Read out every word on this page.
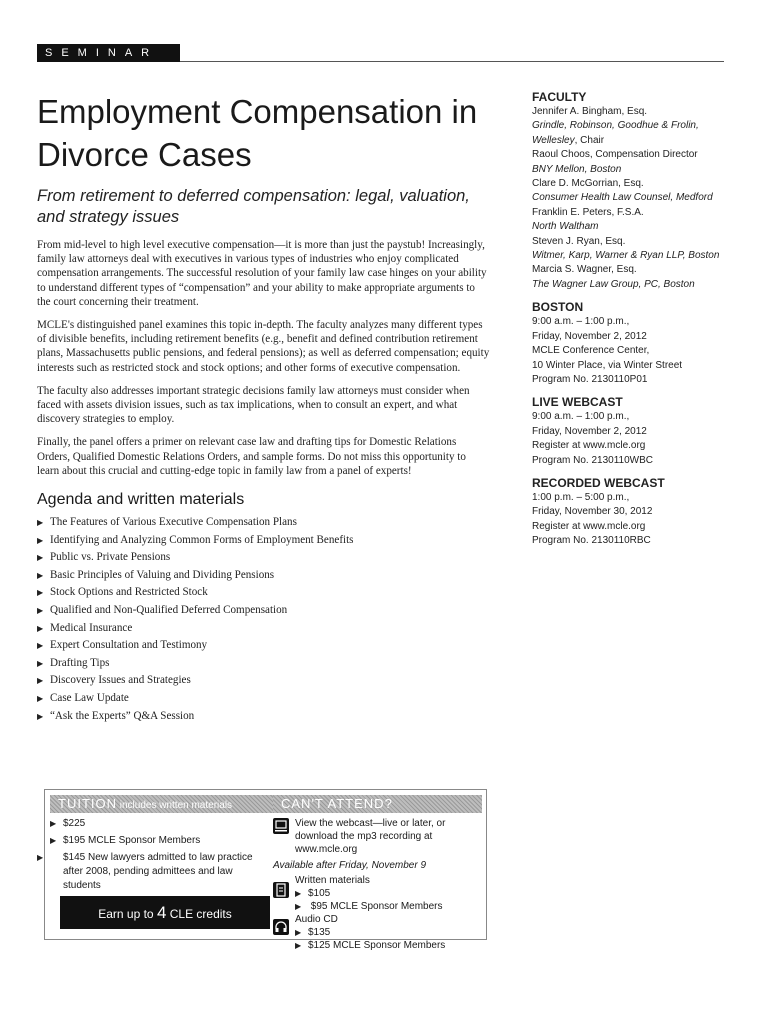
SEMINAR
Employment Compensation in Divorce Cases
From retirement to deferred compensation: legal, valuation, and strategy issues

From mid-level to high level executive compensation—it is more than just the paystub! Increasingly, family law attorneys deal with executives in various types of industries who enjoy complicated compensation arrangements. The successful resolution of your family law case hinges on your ability to understand different types of “compensation” and your ability to make appropriate arguments to the court concerning their treatment.

MCLE's distinguished panel examines this topic in-depth. The faculty analyzes many different types of divisible benefits, including retirement benefits (e.g., benefit and defined contribution retirement plans, Massachusetts public pensions, and federal pensions); as well as deferred compensation; equity interests such as restricted stock and stock options; and other forms of executive compensation.

The faculty also addresses important strategic decisions family law attorneys must consider when faced with assets division issues, such as tax implications, when to consult an expert, and what discovery strategies to employ.

Finally, the panel offers a primer on relevant case law and drafting tips for Domestic Relations Orders, Qualified Domestic Relations Orders, and sample forms. Do not miss this opportunity to learn about this crucial and cutting-edge topic in family law from a panel of experts!

Agenda and written materials
▶ The Features of Various Executive Compensation Plans
▶ Identifying and Analyzing Common Forms of Employment Benefits
▶ Public vs. Private Pensions
▶ Basic Principles of Valuing and Dividing Pensions
▶ Stock Options and Restricted Stock
▶ Qualified and Non-Qualified Deferred Compensation
▶ Medical Insurance
▶ Expert Consultation and Testimony
▶ Drafting Tips
▶ Discovery Issues and Strategies
▶ Case Law Update
▶ “Ask the Experts” Q&A Session
FACULTY
Jennifer A. Bingham, Esq.
Grindle, Robinson, Goodhue & Frolin, Wellesley, Chair
Raoul Choos, Compensation Director
BNY Mellon, Boston
Clare D. McGorrian, Esq.
Consumer Health Law Counsel, Medford
Franklin E. Peters, F.S.A.
North Waltham
Steven J. Ryan, Esq.
Witmer, Karp, Warner & Ryan LLP, Boston
Marcia S. Wagner, Esq.
The Wagner Law Group, PC, Boston
BOSTON
9:00 a.m. – 1:00 p.m.,
Friday, November 2, 2012
MCLE Conference Center,
10 Winter Place, via Winter Street
Program No. 2130110P01
LIVE WEBCAST
9:00 a.m. – 1:00 p.m.,
Friday, November 2, 2012
Register at www.mcle.org
Program No. 2130110WBC
RECORDED WEBCAST
1:00 p.m. – 5:00 p.m.,
Friday, November 30, 2012
Register at www.mcle.org
Program No. 2130110RBC
TUITION includes written materials	CAN'T ATTEND?
▶ $225
▶ $195 MCLE Sponsor Members
▶ $145 New lawyers admitted to law practice after 2008, pending admittees and law students
Earn up to 4 CLE credits
View the webcast—live or later, or download the mp3 recording at www.mcle.org
Available after Friday, November 9
Written materials
▶ $105
▶ $95 MCLE Sponsor Members
Audio CD
▶ $135
▶ $125 MCLE Sponsor Members
